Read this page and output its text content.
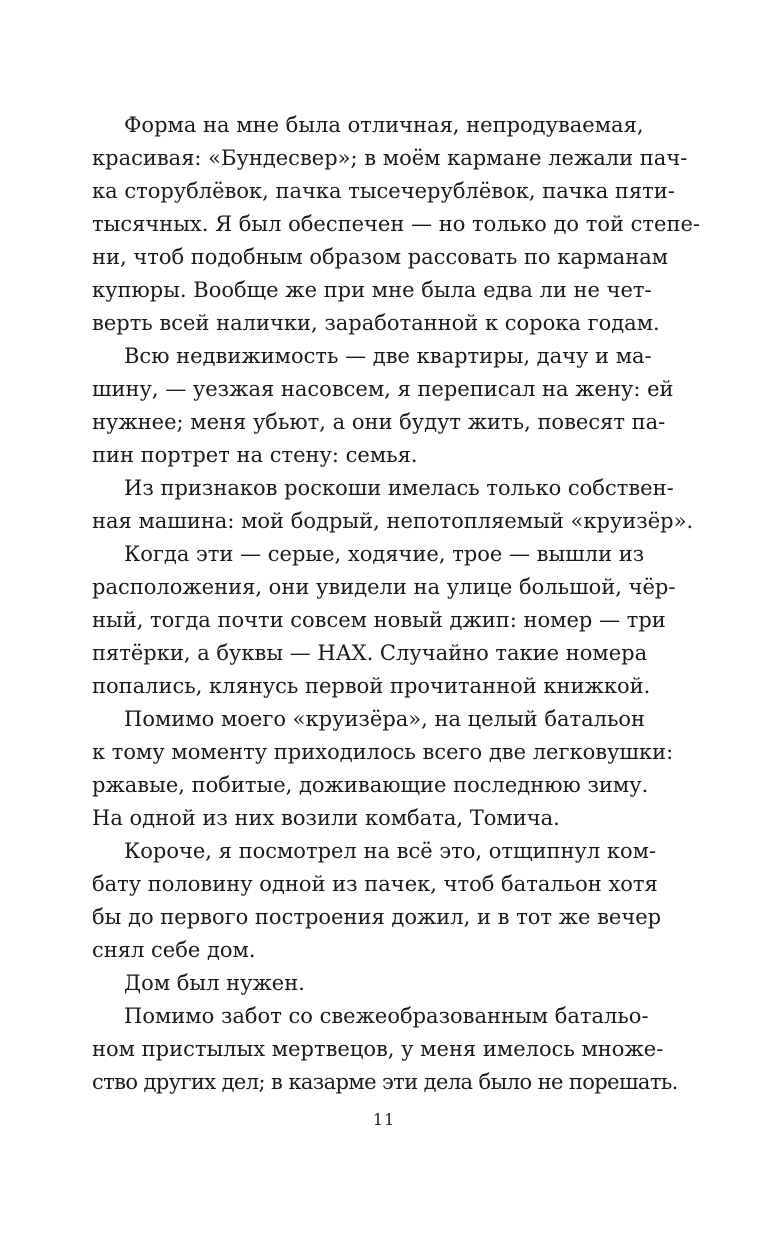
Форма на мне была отличная, непродуваемая,
красивая: «Бундесвер»; в моём кармане лежали пач-
ка сторублёвок, пачка тысечерублёвок, пачка пяти-
тысячных. Я был обеспечен — но только до той степе-
ни, чтоб подобным образом рассовать по карманам
купюры. Вообще же при мне была едва ли не чет-
верть всей налички, заработанной к сорока годам.
Всю недвижимость — две квартиры, дачу и ма-
шину, — уезжая насовсем, я переписал на жену: ей
нужнее; меня убьют, а они будут жить, повесят па-
пин портрет на стену: семья.
Из признаков роскоши имелась только собствен-
ная машина: мой бодрый, непотопляемый «круизёр».
Когда эти — серые, ходячие, трое — вышли из
расположения, они увидели на улице большой, чёр-
ный, тогда почти совсем новый джип: номер — три
пятёрки, а буквы — НАХ. Случайно такие номера
попались, клянусь первой прочитанной книжкой.
Помимо моего «круизёра», на целый батальон
к тому моменту приходилось всего две легковушки:
ржавые, побитые, доживающие последнюю зиму.
На одной из них возили комбата, Томича.
Короче, я посмотрел на всё это, отщипнул ком-
бату половину одной из пачек, чтоб батальон хотя
бы до первого построения дожил, и в тот же вечер
снял себе дом.
Дом был нужен.
Помимо забот со свежеобразованным батальо-
ном пристылых мертвецов, у меня имелось множе-
ство других дел; в казарме эти дела было не порешать.
11
